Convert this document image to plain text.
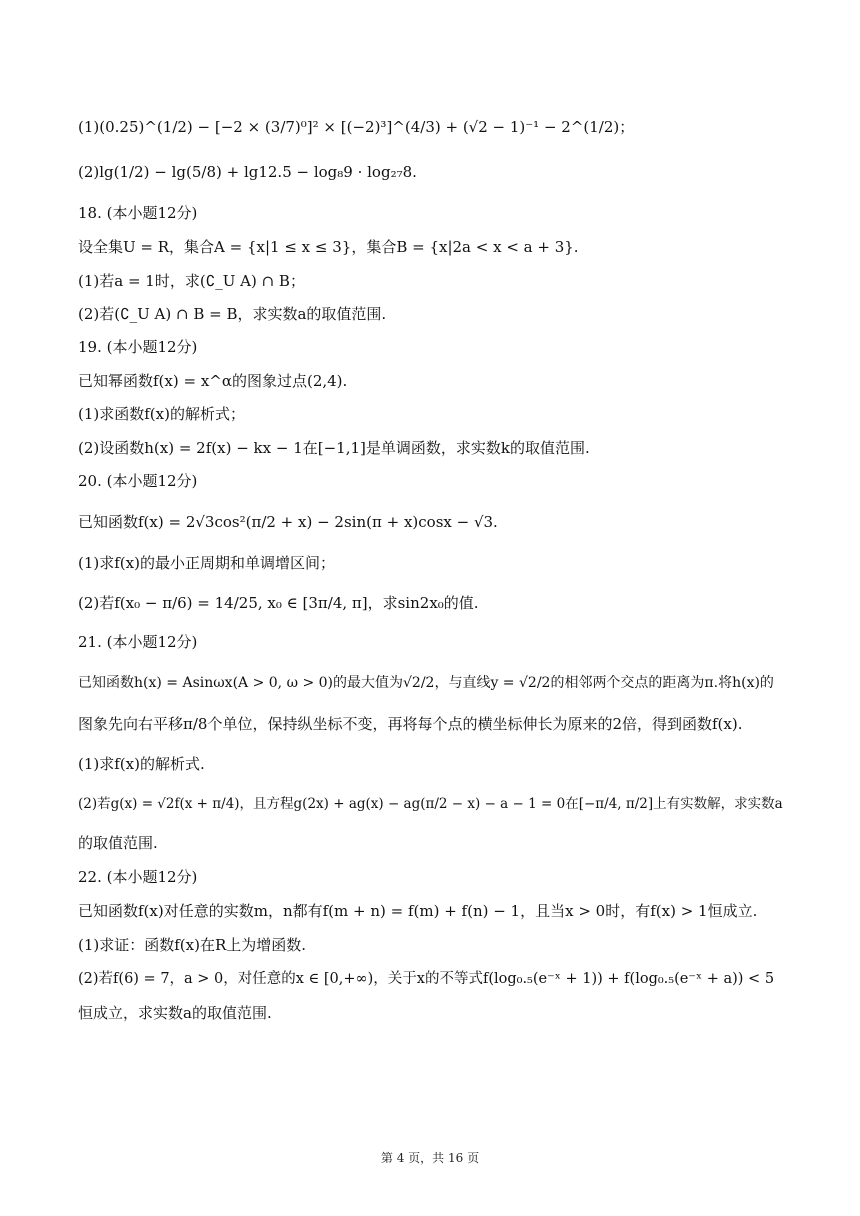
(1)(0.25)^(1/2) − [−2 × (3/7)⁰]² × [(−2)³]^(4/3) + (√2 − 1)⁻¹ − 2^(1/2)；
(2)lg(1/2) − lg(5/8) + lg12.5 − log₈9 · log₂₇8.
18. (本小题12分)
设全集U = R，集合A = {x|1 ≤ x ≤ 3}，集合B = {x|2a < x < a + 3}.
(1)若a = 1时，求(∁_U A) ∩ B；
(2)若(∁_U A) ∩ B = B，求实数a的取值范围.
19. (本小题12分)
已知幂函数f(x) = x^α的图象过点(2,4).
(1)求函数f(x)的解析式；
(2)设函数h(x) = 2f(x) − kx − 1在[−1,1]是单调函数，求实数k的取值范围.
20. (本小题12分)
已知函数f(x) = 2√3cos²(π/2 + x) − 2sin(π + x)cosx − √3.
(1)求f(x)的最小正周期和单调增区间；
(2)若f(x₀ − π/6) = 14/25, x₀ ∈ [3π/4, π]，求sin2x₀的值.
21. (本小题12分)
已知函数h(x) = Asinωx(A > 0, ω > 0)的最大值为√2/2，与直线y = √2/2的相邻两个交点的距离为π.将h(x)的
图象先向右平移π/8个单位，保持纵坐标不变，再将每个点的横坐标伸长为原来的2倍，得到函数f(x).
(1)求f(x)的解析式.
(2)若g(x) = √2f(x + π/4)，且方程g(2x) + ag(x) − ag(π/2 − x) − a − 1 = 0在[−π/4, π/2]上有实数解，求实数a
的取值范围.
22. (本小题12分)
已知函数f(x)对任意的实数m，n都有f(m + n) = f(m) + f(n) − 1，且当x > 0时，有f(x) > 1恒成立.
(1)求证：函数f(x)在R上为增函数.
(2)若f(6) = 7，a > 0，对任意的x ∈ [0,+∞)，关于x的不等式f(log₀.₅(e⁻ˣ + 1)) + f(log₀.₅(e⁻ˣ + a)) < 5
恒成立，求实数a的取值范围.
第 4 页，共 16 页
